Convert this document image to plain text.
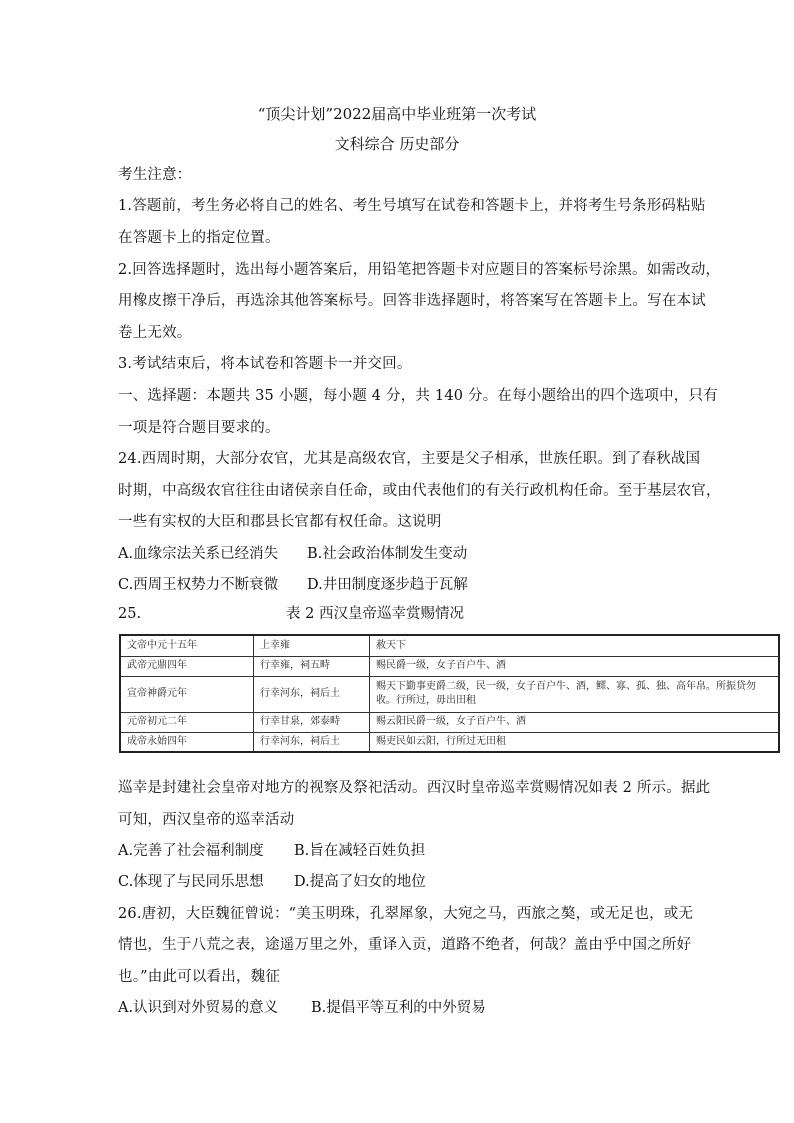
“顶尖计划”2022届高中毕业班第一次考试
文科综合 历史部分
考生注意：
1.答题前，考生务必将自己的姓名、考生号填写在试卷和答题卡上，并将考生号条形码粘贴
在答题卡上的指定位置。
2.回答选择题时，选出每小题答案后，用铅笔把答题卡对应题目的答案标号涂黑。如需改动，
用橡皮擦干净后，再选涂其他答案标号。回答非选择题时，将答案写在答题卡上。写在本试
卷上无效。
3.考试结束后，将本试卷和答题卡一并交回。
一、选择题：本题共 35 小题，每小题 4 分，共 140 分。在每小题给出的四个选项中，只有
一项是符合题目要求的。
24.西周时期，大部分农官，尤其是高级农官，主要是父子相承，世族任职。到了春秋战国
时期，中高级农官往往由诸侯亲自任命，或由代表他们的有关行政机构任命。至于基层农官，
一些有实权的大臣和郡县长官都有权任命。这说明
A.血缘宗法关系已经消失 B.社会政治体制发生变动
C.西周王权势力不断衰微 D.井田制度逐步趋于瓦解
25.	表 2 西汉皇帝巡幸赏赐情况
文帝中元十五年	上幸雍	赦天下
武帝元鼎四年	行幸雍，祠五畤	赐民爵一级，女子百户牛、酒
宣帝神爵元年	行幸河东，祠后土	赐天下勤事吏爵二级，民一级，女子百户牛、酒，鳏、寡、孤、独、高年帛。所振贷勿收。行所过，毋出田租
元帝初元二年	行幸甘泉，郊泰畤	赐云阳民爵一级，女子百户牛、酒
成帝永始四年	行幸河东，祠后土	赐吏民如云阳，行所过无田租
巡幸是封建社会皇帝对地方的视察及祭祀活动。西汉时皇帝巡幸赏赐情况如表 2 所示。据此
可知，西汉皇帝的巡幸活动
A.完善了社会福利制度 B.旨在减轻百姓负担
C.体现了与民同乐思想 D.提高了妇女的地位
26.唐初，大臣魏征曾说：“美玉明珠，孔翠犀象，大宛之马，西旅之獒，或无足也，或无
情也，生于八荒之表，途遥万里之外，重译入贡，道路不绝者，何哉？盖由乎中国之所好
也。”由此可以看出，魏征
A.认识到对外贸易的意义 B.提倡平等互利的中外贸易
